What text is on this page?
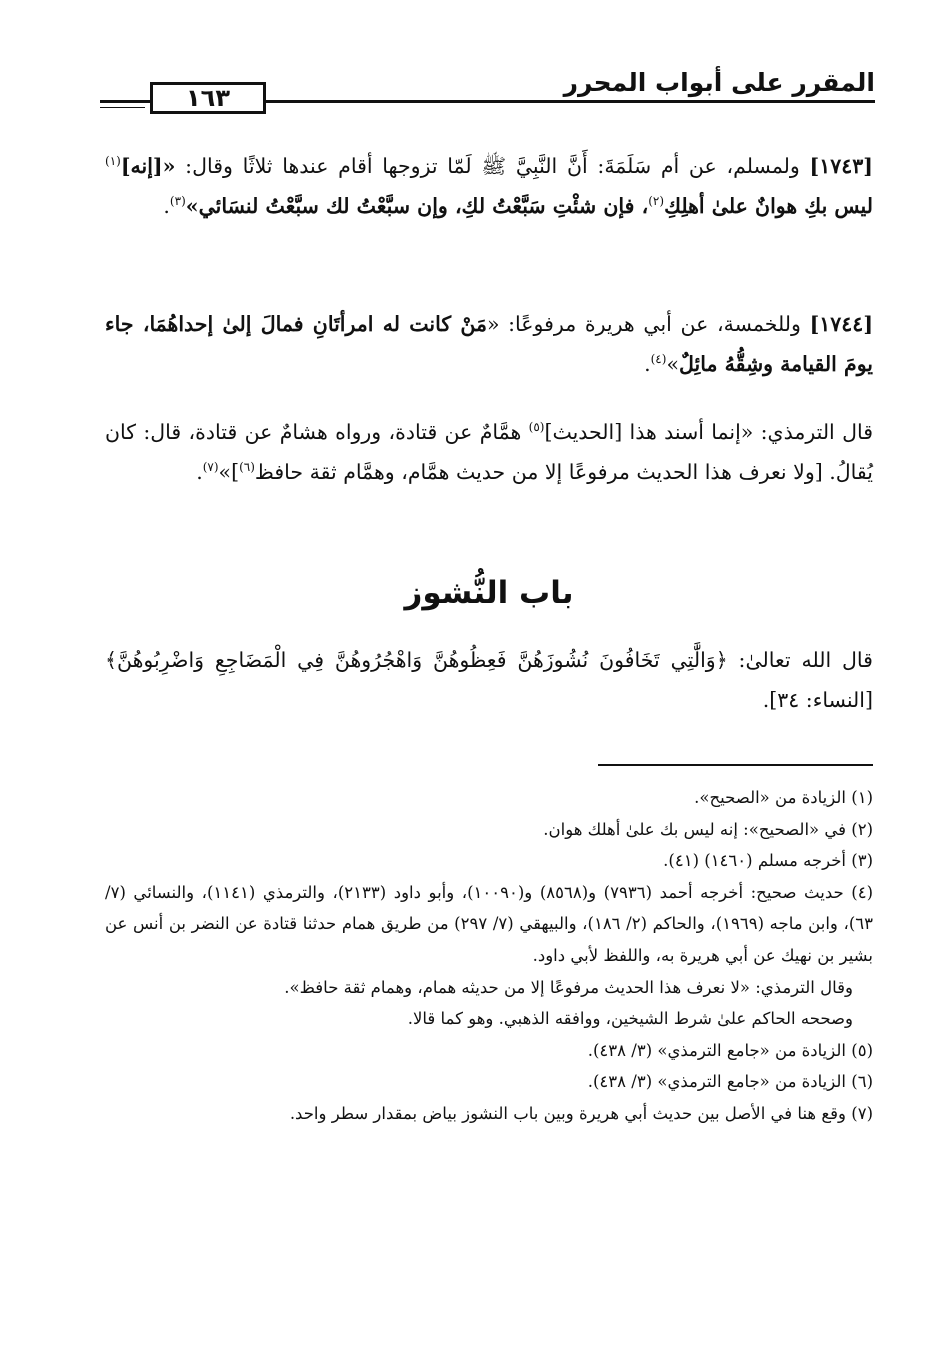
١٦٣
المقرر على أبواب المحرر
[١٧٤٣] ولمسلم، عن أم سَلَمَةَ: أَنَّ النَّبِيَّ ﷺ لَمّا تزوجها أقام عندها ثلاثًا وقال: «[إنه]$^{(١)}$ ليس بكِ هوانٌ علىٰ أهلِكِ$^{(٢)}$، فإن شئْتِ سَبَّعْتُ لكِ، وإن سبَّعْتُ لك سبَّعْتُ لنسَائي»$^{(٣)}$.
[١٧٤٤] وللخمسة، عن أبي هريرة مرفوعًا: «مَنْ كانت له امرأتَانِ فمالَ إلىٰ إحداهُمَا، جاء يومَ القيامة وشِقُّهُ مائِلٌ»$^{(٤)}$.
قال الترمذي: «إنما أسند هذا [الحديث]$^{(٥)}$ همَّامٌ عن قتادة، ورواه هشامٌ عن قتادة، قال: كان يُقالُ. [ولا نعرف هذا الحديث مرفوعًا إلا من حديث همَّام، وهمَّام ثقة حافظ$^{(٦)}$]»$^{(٧)}$.
باب النُّشوز
قال الله تعالىٰ: ﴿وَالَّٰتِي تَخَافُونَ نُشُوزَهُنَّ فَعِظُوهُنَّ وَاهْجُرُوهُنَّ فِي الْمَضَاجِعِ وَاضْرِبُوهُنَّ﴾ [النساء: ٣٤].

(١) الزيادة من «الصحيح».

(٢) في «الصحيح»: إنه ليس بك علىٰ أهلك هوان.

(٣) أخرجه مسلم (١٤٦٠) (٤١).

(٤) حديث صحيح: أخرجه أحمد (٧٩٣٦) و(٨٥٦٨) و(١٠٠٩٠)، وأبو داود (٢١٣٣)، والترمذي (١١٤١)، والنسائي (٧/ ٦٣)، وابن ماجه (١٩٦٩)، والحاكم (٢/ ١٨٦)، والبيهقي (٧/ ٢٩٧) من طريق همام حدثنا قتادة عن النضر بن أنس عن بشير بن نهيك عن أبي هريرة به، واللفظ لأبي داود.

وقال الترمذي: «لا نعرف هذا الحديث مرفوعًا إلا من حديثه همام، وهمام ثقة حافظ».

وصححه الحاكم علىٰ شرط الشيخين، ووافقه الذهبي. وهو كما قالا.

(٥) الزيادة من «جامع الترمذي» (٣/ ٤٣٨).

(٦) الزيادة من «جامع الترمذي» (٣/ ٤٣٨).

(٧) وقع هنا في الأصل بين حديث أبي هريرة وبين باب النشوز بياض بمقدار سطر واحد.
